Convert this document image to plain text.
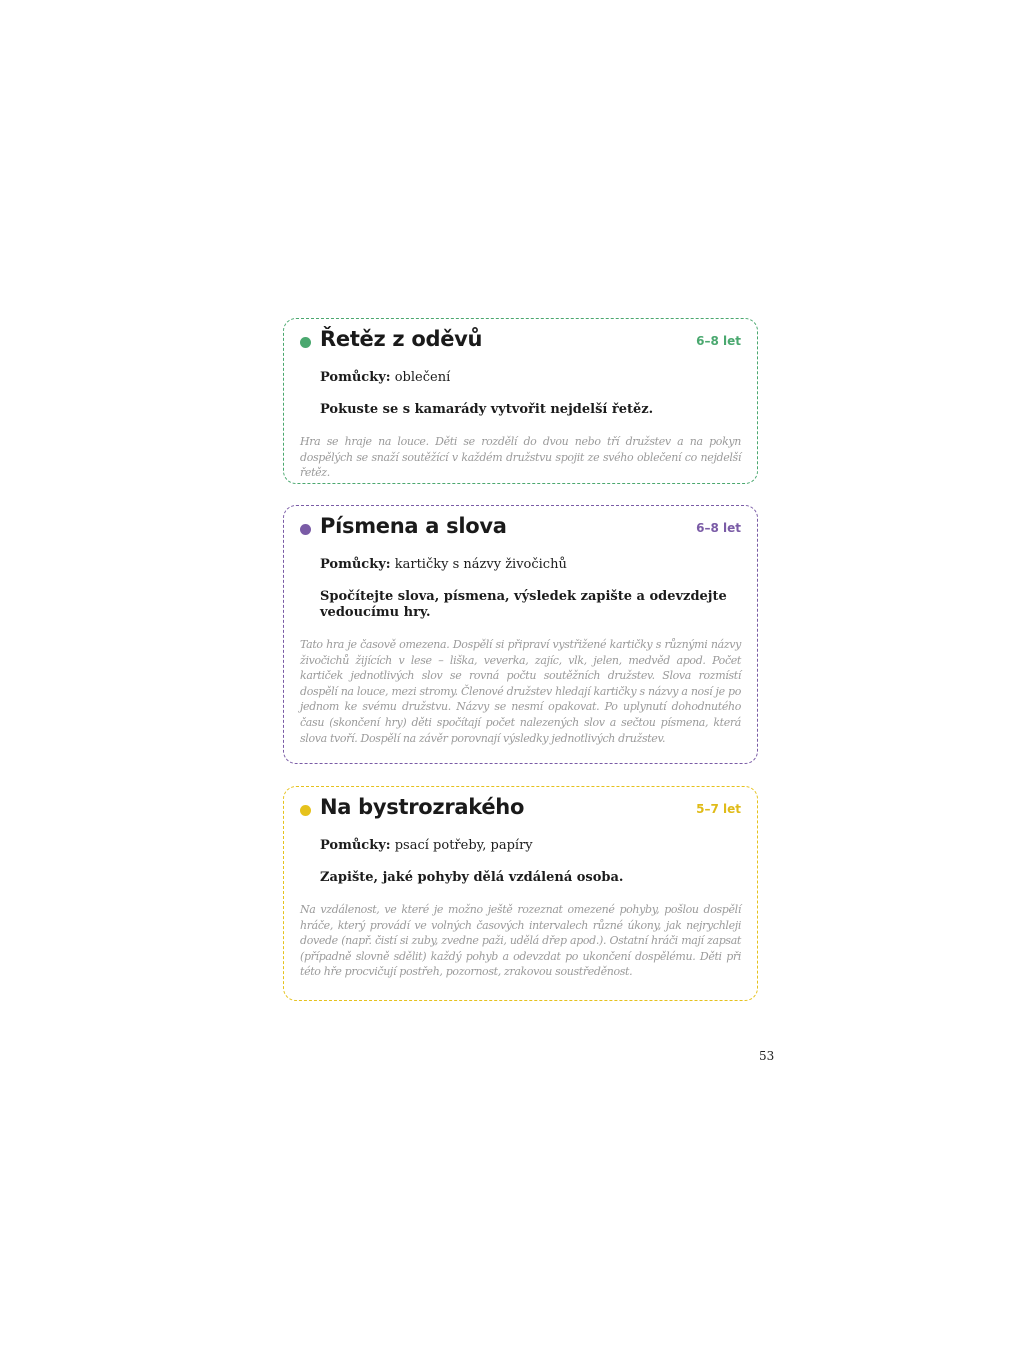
Řetěz z oděvů	6–8 let

Pomůcky: oblečení

Pokuste se s kamarády vytvořit nejdelší řetěz.

Hra se hraje na louce. Děti se rozdělí do dvou nebo tří družstev a na pokyn dospělých se snaží soutěžící v každém družstvu spojit ze svého oblečení co nejdelší řetěz.

Písmena a slova	6–8 let

Pomůcky: kartičky s názvy živočichů

Spočítejte slova, písmena, výsledek zapište a odevzdejte vedoucímu hry.

Tato hra je časově omezena. Dospělí si připraví vystřižené kartičky s různými názvy živočichů žijících v lese – liška, veverka, zajíc, vlk, jelen, medvěd apod. Počet kartiček jednotlivých slov se rovná počtu soutěžních družstev. Slova rozmístí dospělí na louce, mezi stromy. Členové družstev hledají kartičky s názvy a nosí je po jednom ke svému družstvu. Názvy se nesmí opakovat. Po uplynutí dohodnutého času (skončení hry) děti spočítají počet nalezených slov a sečtou písmena, která slova tvoří. Dospělí na závěr porovnají výsledky jednotlivých družstev.

Na bystrozrakého	5–7 let

Pomůcky: psací potřeby, papíry

Zapište, jaké pohyby dělá vzdálená osoba.

Na vzdálenost, ve které je možno ještě rozeznat omezené pohyby, pošlou dospělí hráče, který provádí ve volných časových intervalech různé úkony, jak nejrychleji dovede (např. čistí si zuby, zvedne paži, udělá dřep apod.). Ostatní hráči mají zapsat (případně slovně sdělit) každý pohyb a odevzdat po ukončení dospělému. Děti při této hře procvičují postřeh, pozornost, zrakovou soustředěnost.

53
